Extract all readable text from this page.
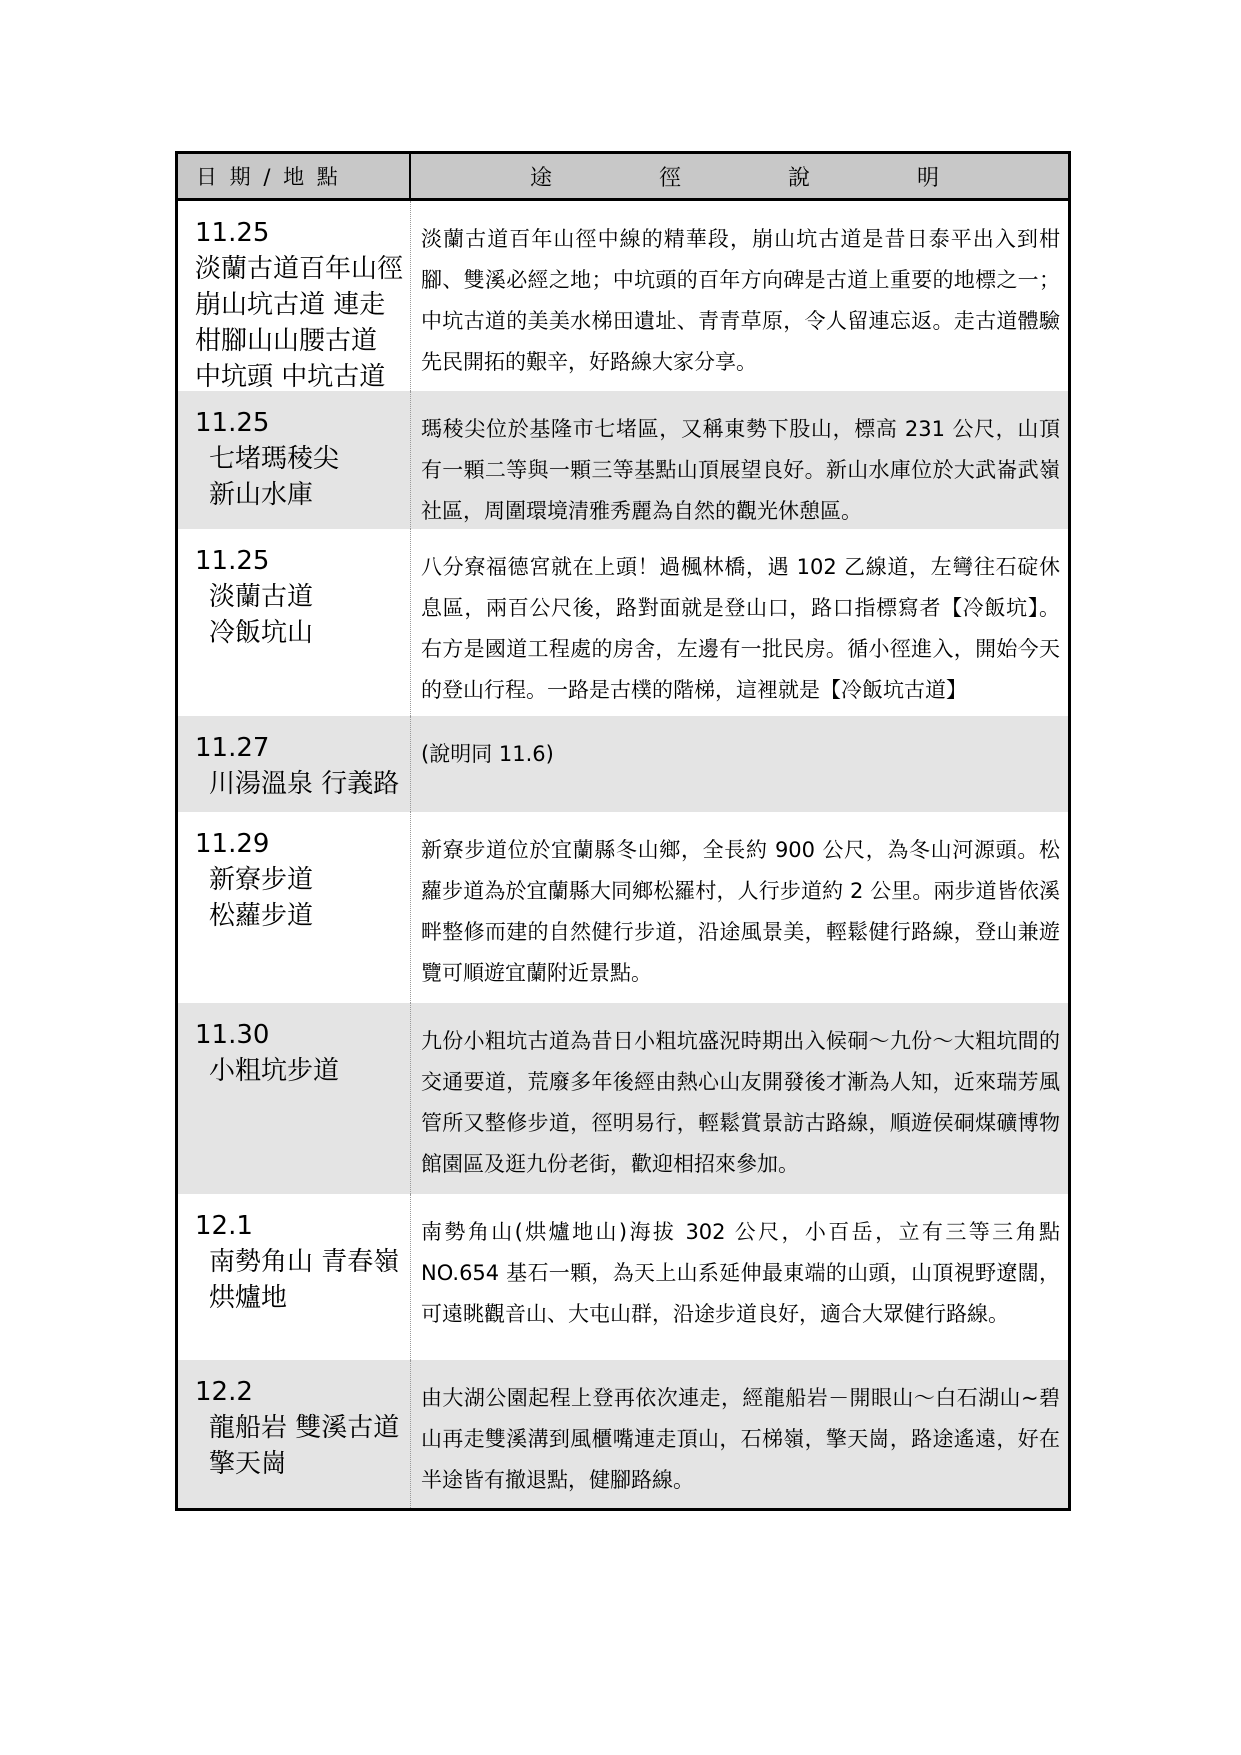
日 期 / 地 點	途 徑 說 明
11.25
淡蘭古道百年山徑
崩山坑古道 連走
柑腳山山腰古道
中坑頭 中坑古道
淡蘭古道百年山徑中線的精華段，崩山坑古道是昔日泰平出入到柑腳、雙溪必經之地；中坑頭的百年方向碑是古道上重要的地標之一；中坑古道的美美水梯田遺址、青青草原，令人留連忘返。走古道體驗先民開拓的艱辛，好路線大家分享。
11.25
七堵瑪稜尖
新山水庫
瑪稜尖位於基隆市七堵區，又稱東勢下股山，標高 231 公尺，山頂有一顆二等與一顆三等基點山頂展望良好。新山水庫位於大武崙武嶺社區，周圍環境清雅秀麗為自然的觀光休憩區。
11.25
淡蘭古道
冷飯坑山
八分寮福德宮就在上頭！過楓林橋，遇 102 乙線道，左彎往石碇休息區，兩百公尺後，路對面就是登山口，路口指標寫者【冷飯坑】。右方是國道工程處的房舍，左邊有一批民房。循小徑進入，開始今天的登山行程。一路是古樸的階梯，這裡就是【冷飯坑古道】
11.27
川湯溫泉 行義路
(說明同 11.6)
11.29
新寮步道
松蘿步道
新寮步道位於宜蘭縣冬山鄉，全長約 900 公尺，為冬山河源頭。松蘿步道為於宜蘭縣大同鄉松羅村，人行步道約 2 公里。兩步道皆依溪畔整修而建的自然健行步道，沿途風景美，輕鬆健行路線，登山兼遊覽可順遊宜蘭附近景點。
11.30
小粗坑步道
九份小粗坑古道為昔日小粗坑盛況時期出入候硐～九份～大粗坑間的交通要道，荒廢多年後經由熱心山友開發後才漸為人知，近來瑞芳風管所又整修步道，徑明易行，輕鬆賞景訪古路線，順遊侯硐煤礦博物館園區及逛九份老街，歡迎相招來參加。
12.1
南勢角山 青春嶺
烘爐地
南勢角山(烘爐地山)海拔 302 公尺，小百岳，立有三等三角點 NO.654 基石一顆，為天上山系延伸最東端的山頭，山頂視野遼闊，可遠眺觀音山、大屯山群，沿途步道良好，適合大眾健行路線。
12.2
龍船岩 雙溪古道
擎天崗
由大湖公園起程上登再依次連走，經龍船岩－開眼山～白石湖山~碧山再走雙溪溝到風櫃嘴連走頂山，石梯嶺，擎天崗，路途遙遠，好在半途皆有撤退點，健腳路線。
